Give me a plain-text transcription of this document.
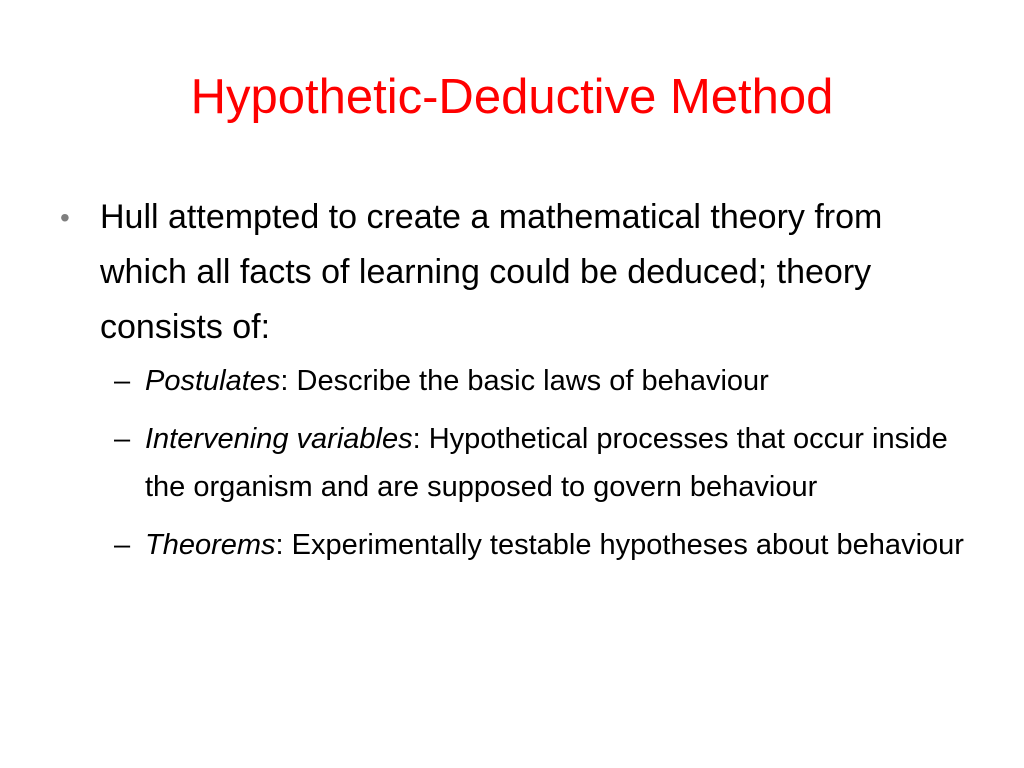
Hypothetic-Deductive Method
• Hull attempted to create a mathematical theory from which all facts of learning could be deduced; theory consists of:
– Postulates: Describe the basic laws of behaviour
– Intervening variables: Hypothetical processes that occur inside the organism and are supposed to govern behaviour
– Theorems: Experimentally testable hypotheses about behaviour
